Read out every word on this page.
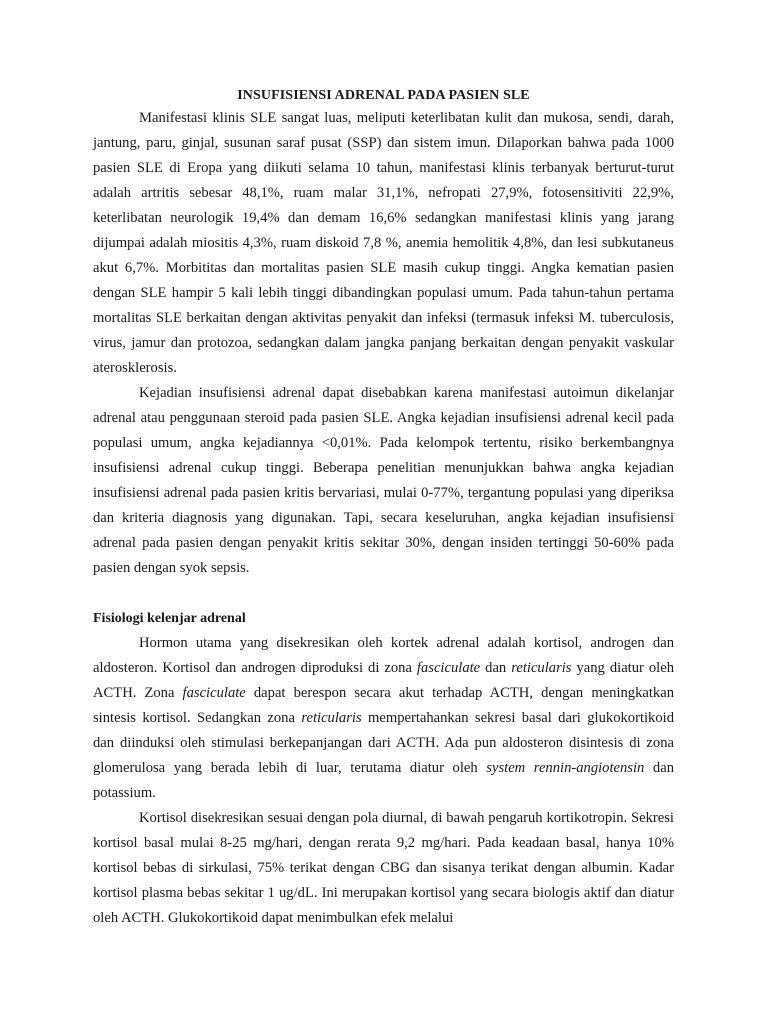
INSUFISIENSI ADRENAL PADA PASIEN SLE

Manifestasi klinis SLE sangat luas, meliputi keterlibatan kulit dan mukosa, sendi, darah, jantung, paru, ginjal, susunan saraf pusat (SSP) dan sistem imun. Dilaporkan bahwa pada 1000 pasien SLE di Eropa yang diikuti selama 10 tahun, manifestasi klinis terbanyak berturut-turut adalah artritis sebesar 48,1%, ruam malar 31,1%, nefropati 27,9%, fotosensitiviti 22,9%, keterlibatan neurologik 19,4% dan demam 16,6% sedangkan manifestasi klinis yang jarang dijumpai adalah miositis 4,3%, ruam diskoid 7,8 %, anemia hemolitik 4,8%, dan lesi subkutaneus akut 6,7%. Morbititas dan mortalitas pasien SLE masih cukup tinggi. Angka kematian pasien dengan SLE hampir 5 kali lebih tinggi dibandingkan populasi umum. Pada tahun-tahun pertama mortalitas SLE berkaitan dengan aktivitas penyakit dan infeksi (termasuk infeksi M. tuberculosis, virus, jamur dan protozoa, sedangkan dalam jangka panjang berkaitan dengan penyakit vaskular aterosklerosis.

Kejadian insufisiensi adrenal dapat disebabkan karena manifestasi autoimun dikelanjar adrenal atau penggunaan steroid pada pasien SLE. Angka kejadian insufisiensi adrenal kecil pada populasi umum, angka kejadiannya <0,01%. Pada kelompok tertentu, risiko berkembangnya insufisiensi adrenal cukup tinggi. Beberapa penelitian menunjukkan bahwa angka kejadian insufisiensi adrenal pada pasien kritis bervariasi, mulai 0-77%, tergantung populasi yang diperiksa dan kriteria diagnosis yang digunakan. Tapi, secara keseluruhan, angka kejadian insufisiensi adrenal pada pasien dengan penyakit kritis sekitar 30%, dengan insiden tertinggi 50-60% pada pasien dengan syok sepsis.

Fisiologi kelenjar adrenal

Hormon utama yang disekresikan oleh kortek adrenal adalah kortisol, androgen dan aldosteron. Kortisol dan androgen diproduksi di zona fasciculate dan reticularis yang diatur oleh ACTH. Zona fasciculate dapat berespon secara akut terhadap ACTH, dengan meningkatkan sintesis kortisol. Sedangkan zona reticularis mempertahankan sekresi basal dari glukokortikoid dan diinduksi oleh stimulasi berkepanjangan dari ACTH. Ada pun aldosteron disintesis di zona glomerulosa yang berada lebih di luar, terutama diatur oleh system rennin-angiotensin dan potassium.

Kortisol disekresikan sesuai dengan pola diurnal, di bawah pengaruh kortikotropin. Sekresi kortisol basal mulai 8-25 mg/hari, dengan rerata 9,2 mg/hari. Pada keadaan basal, hanya 10% kortisol bebas di sirkulasi, 75% terikat dengan CBG dan sisanya terikat dengan albumin. Kadar kortisol plasma bebas sekitar 1 ug/dL. Ini merupakan kortisol yang secara biologis aktif dan diatur oleh ACTH. Glukokortikoid dapat menimbulkan efek melalui
